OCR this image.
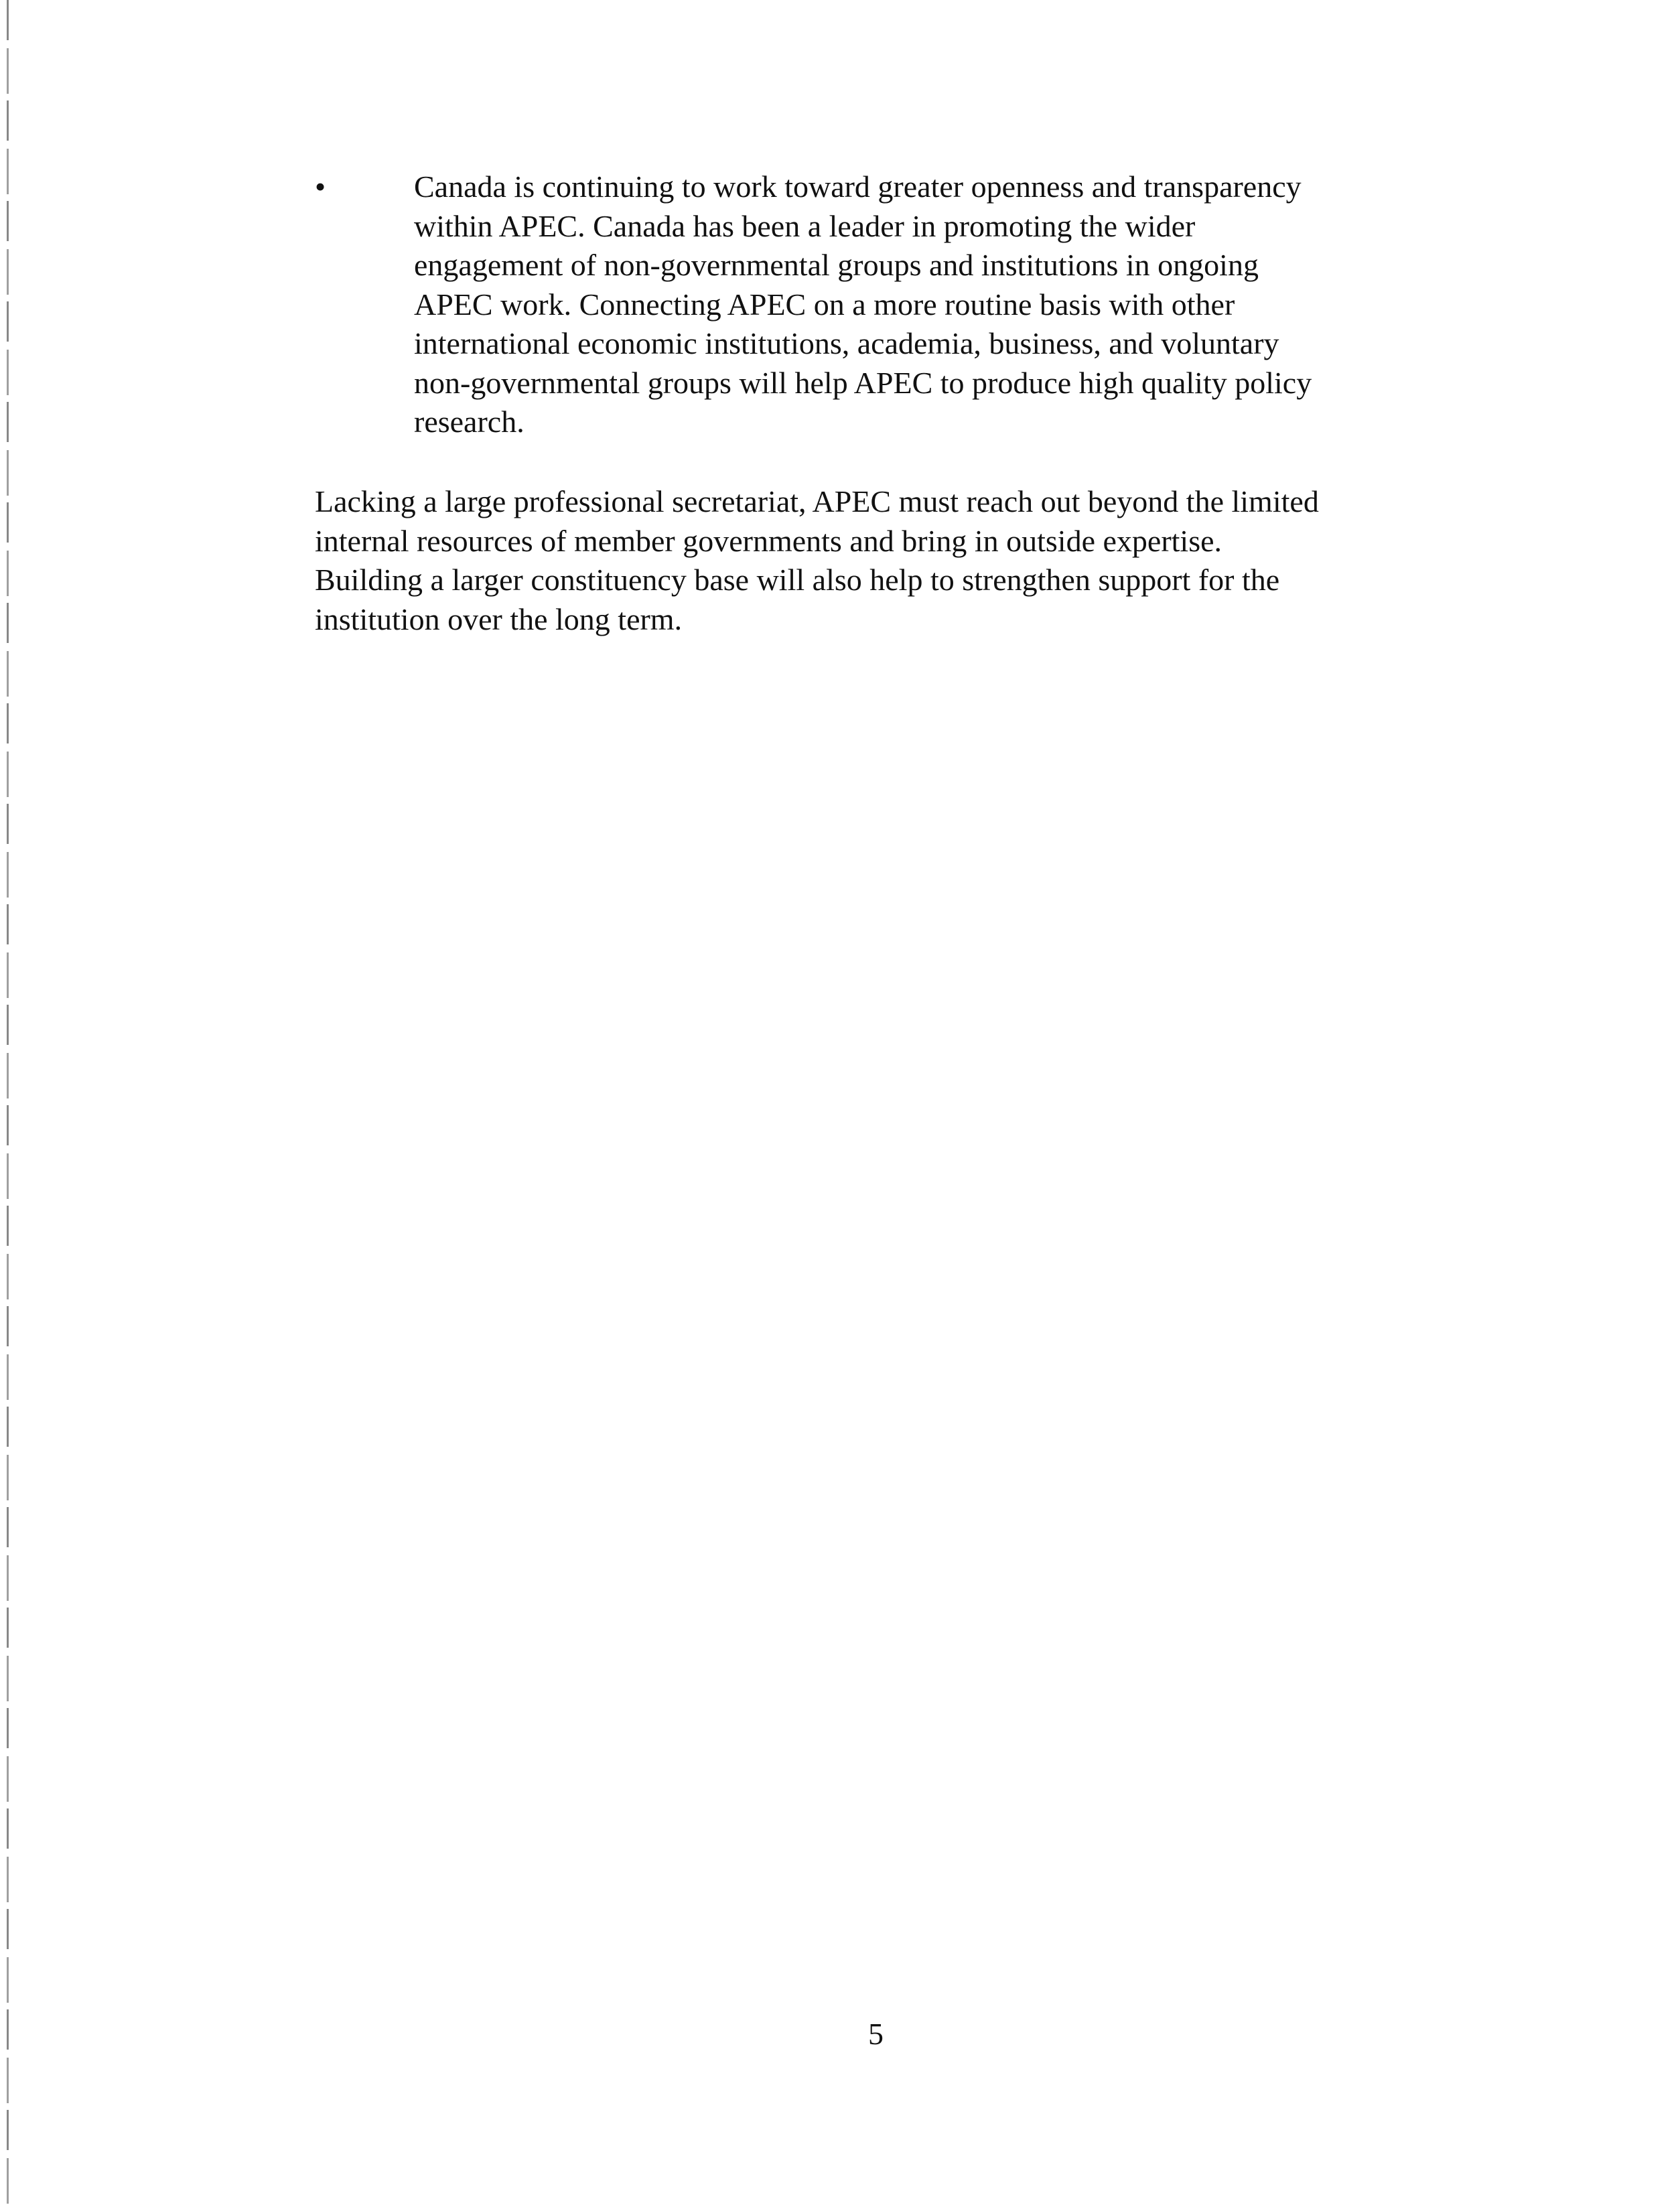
•	Canada is continuing to work toward greater openness and transparency
within APEC. Canada has been a leader in promoting the wider
engagement of non-governmental groups and institutions in ongoing
APEC work. Connecting APEC on a more routine basis with other
international economic institutions, academia, business, and voluntary
non-governmental groups will help APEC to produce high quality policy
research.
Lacking a large professional secretariat, APEC must reach out beyond the limited
internal resources of member governments and bring in outside expertise.
Building a larger constituency base will also help to strengthen support for the
institution over the long term.
5
